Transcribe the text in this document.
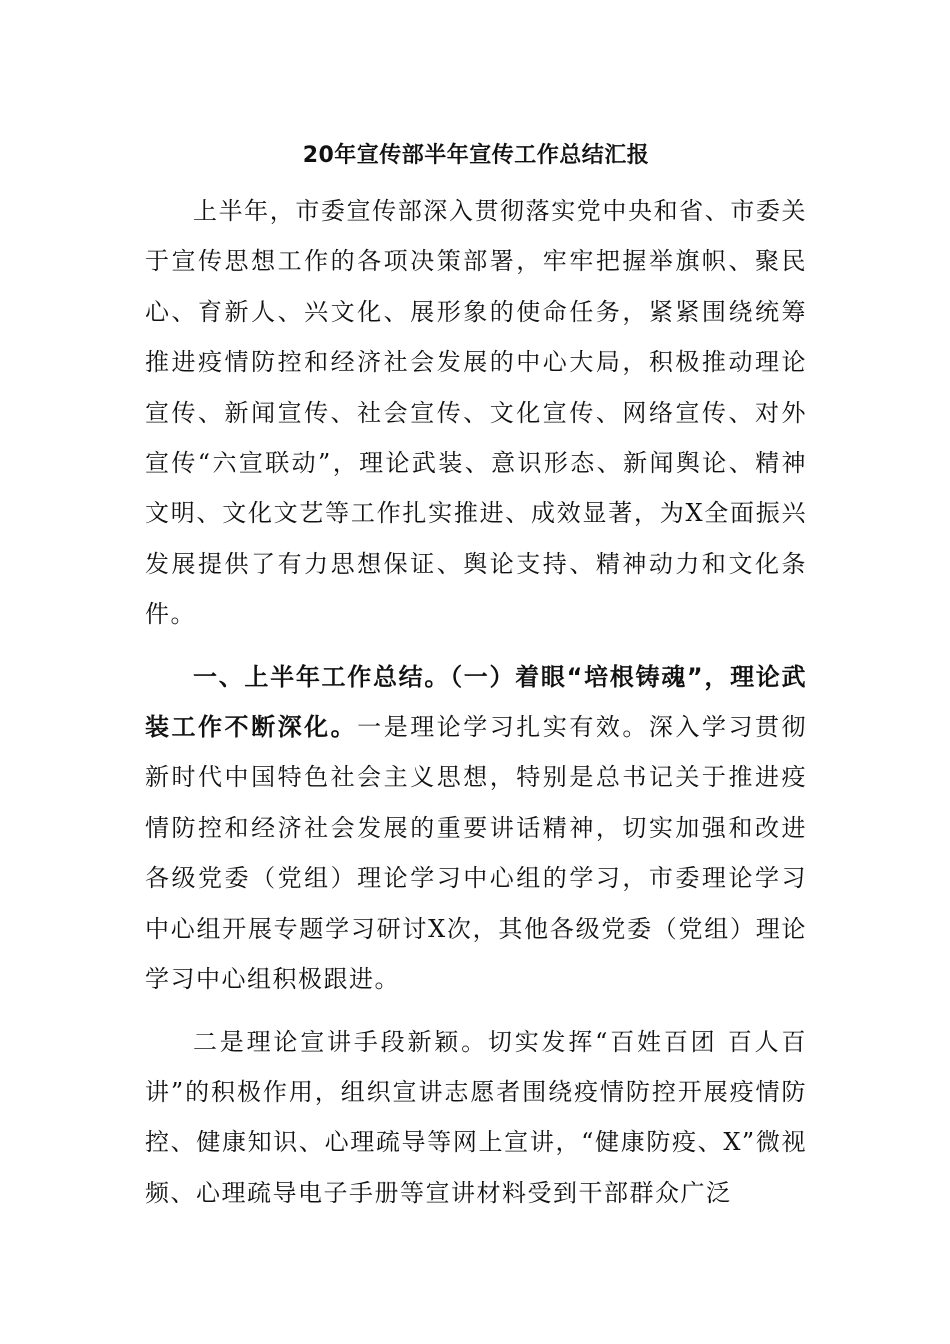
20年宣传部半年宣传工作总结汇报

上半年，市委宣传部深入贯彻落实党中央和省、市委关于宣传思想工作的各项决策部署，牢牢把握举旗帜、聚民心、育新人、兴文化、展形象的使命任务，紧紧围绕统筹推进疫情防控和经济社会发展的中心大局，积极推动理论宣传、新闻宣传、社会宣传、文化宣传、网络宣传、对外宣传“六宣联动”，理论武装、意识形态、新闻舆论、精神文明、文化文艺等工作扎实推进、成效显著，为X全面振兴发展提供了有力思想保证、舆论支持、精神动力和文化条件。

一、上半年工作总结。（一）着眼“培根铸魂”，理论武装工作不断深化。一是理论学习扎实有效。深入学习贯彻新时代中国特色社会主义思想，特别是总书记关于推进疫情防控和经济社会发展的重要讲话精神，切实加强和改进各级党委（党组）理论学习中心组的学习，市委理论学习中心组开展专题学习研讨X次，其他各级党委（党组）理论学习中心组积极跟进。

二是理论宣讲手段新颖。切实发挥“百姓百团 百人百讲”的积极作用，组织宣讲志愿者围绕疫情防控开展疫情防控、健康知识、心理疏导等网上宣讲，“健康防疫、X”微视频、心理疏导电子手册等宣讲材料受到干部群众广泛
